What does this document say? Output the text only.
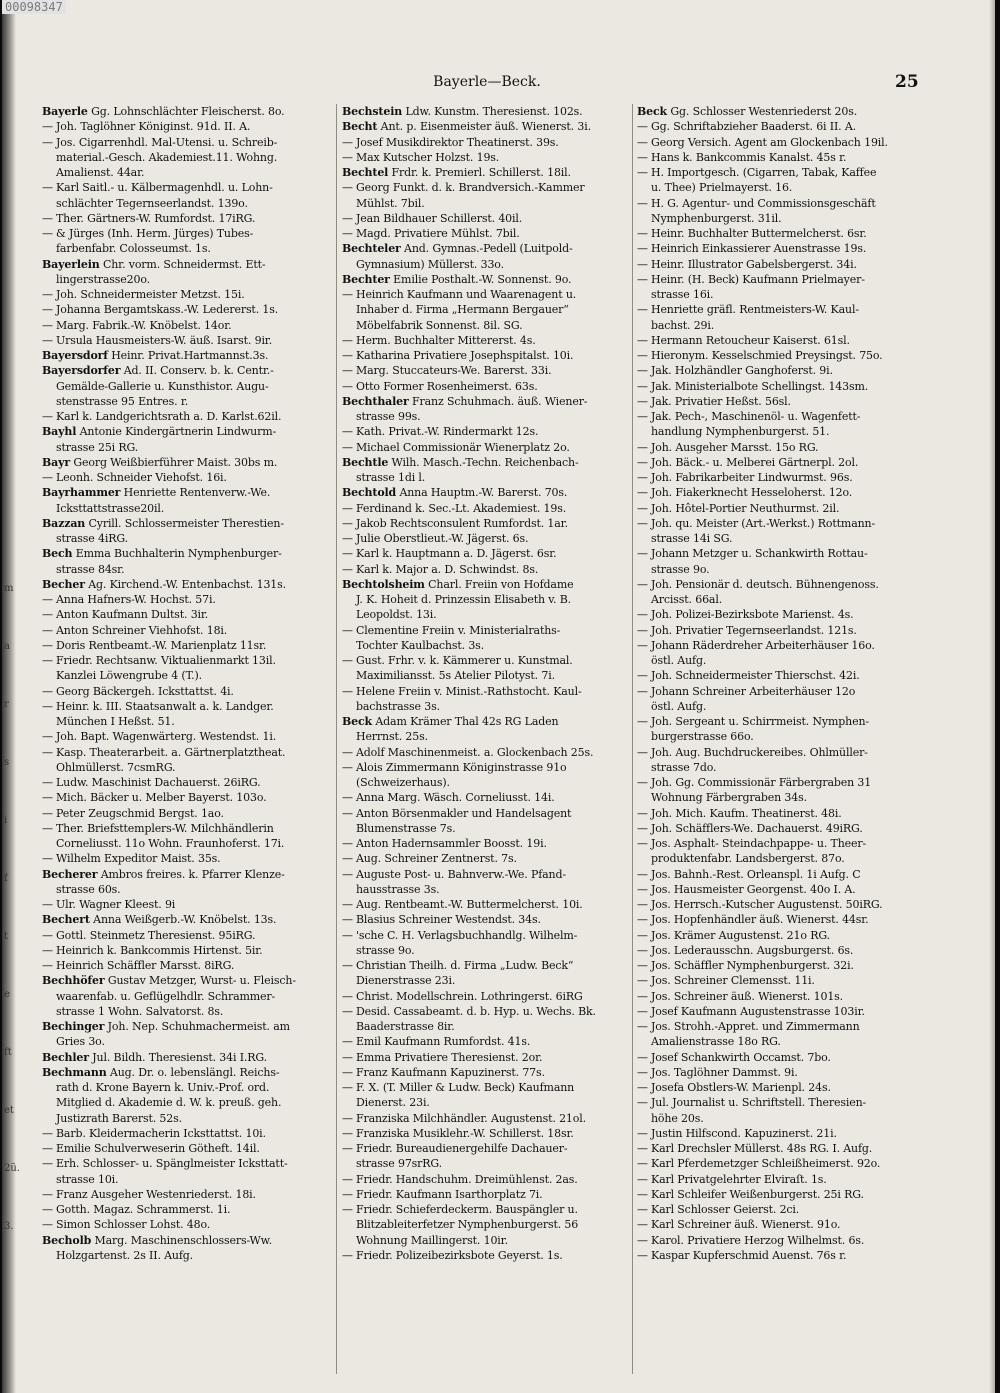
00098347
m
a
r
s
i
f
t
e
ft
et
2ũ.
3.
Bayerle—Beck.	25
Bayerle Gg. Lohnschlächter Fleischerst. 8o.
— Joh. Taglöhner Königinst. 91d. II. A.
— Jos. Cigarrenhdl. Mal-Utensi. u. Schreib-
material.-Gesch. Akademiest.11. Wohng.
Amalienst. 44ar.
— Karl Saitl.- u. Kälbermagenhdl. u. Lohn-
schlächter Tegernseerlandst. 139o.
— Ther. Gärtners-W. Rumfordst. 17iRG.
— & Jürges (Inh. Herm. Jürges) Tubes-
farbenfabr. Colosseumst. 1s.
Bayerlein Chr. vorm. Schneidermst. Ett-
lingerstrasse20o.
— Joh. Schneidermeister Metzst. 15i.
— Johanna Bergamtskass.-W. Ledererst. 1s.
— Marg. Fabrik.-W. Knöbelst. 14or.
— Ursula Hausmeisters-W. äuß. Isarst. 9ir.
Bayersdorf Heinr. Privat.Hartmannst.3s.
Bayersdorfer Ad. II. Conserv. b. k. Centr.-
Gemälde-Gallerie u. Kunsthistor. Augu-
stenstrasse 95 Entres. r.
— Karl k. Landgerichtsrath a. D. Karlst.62il.
Bayhl Antonie Kindergärtnerin Lindwurm-
strasse 25i RG.
Bayr Georg Weißbierführer Maist. 30bs m.
— Leonh. Schneider Viehofst. 16i.
Bayrhammer Henriette Rentenverw.-We.
Icksttattstrasse20il.
Bazzan Cyrill. Schlossermeister Therestien-
strasse 4iRG.
Bech Emma Buchhalterin Nymphenburger-
strasse 84sr.
Becher Ag. Kirchend.-W. Entenbachst. 131s.
— Anna Hafners-W. Hochst. 57i.
— Anton Kaufmann Dultst. 3ir.
— Anton Schreiner Viehhofst. 18i.
— Doris Rentbeamt.-W. Marienplatz 11sr.
— Friedr. Rechtsanw. Viktualienmarkt 13il.
Kanzlei Löwengrube 4 (T.).
— Georg Bäckergeh. Icksttattst. 4i.
— Heinr. k. III. Staatsanwalt a. k. Landger.
München I Heßst. 51.
— Joh. Bapt. Wagenwärterg. Westendst. 1i.
— Kasp. Theaterarbeit. a. Gärtnerplatztheat.
Ohlmüllerst. 7csmRG.
— Ludw. Maschinist Dachauerst. 26iRG.
— Mich. Bäcker u. Melber Bayerst. 103o.
— Peter Zeugschmid Bergst. 1ao.
— Ther. Briefsttemplers-W. Milchhändlerin
Corneliusst. 11o Wohn. Fraunhoferst. 17i.
— Wilhelm Expeditor Maist. 35s.
Becherer Ambros freires. k. Pfarrer Klenze-
strasse 60s.
— Ulr. Wagner Kleest. 9i
Bechert Anna Weißgerb.-W. Knöbelst. 13s.
— Gottl. Steinmetz Theresienst. 95iRG.
— Heinrich k. Bankcommis Hirtenst. 5ir.
— Heinrich Schäffler Marsst. 8iRG.
Bechhöfer Gustav Metzger, Wurst- u. Fleisch-
waarenfab. u. Geflügelhdlr. Schrammer-
strasse 1 Wohn. Salvatorst. 8s.
Bechinger Joh. Nep. Schuhmachermeist. am
Gries 3o.
Bechler Jul. Bildh. Theresienst. 34i I.RG.
Bechmann Aug. Dr. o. lebenslängl. Reichs-
rath d. Krone Bayern k. Univ.-Prof. ord.
Mitglied d. Akademie d. W. k. preuß. geh.
Justizrath Barerst. 52s.
— Barb. Kleidermacherin Icksttattst. 10i.
— Emilie Schulverweserin Götheft. 14il.
— Erh. Schlosser- u. Spänglmeister Icksttatt-
strasse 10i.
— Franz Ausgeher Westenriederst. 18i.
— Gotth. Magaz. Schrammerst. 1i.
— Simon Schlosser Lohst. 48o.
Becholb Marg. Maschinenschlossers-Ww.
Holzgartenst. 2s II. Aufg.
Bechstein Ldw. Kunstm. Theresienst. 102s.
Becht Ant. p. Eisenmeister äuß. Wienerst. 3i.
— Josef Musikdirektor Theatinerst. 39s.
— Max Kutscher Holzst. 19s.
Bechtel Frdr. k. Premierl. Schillerst. 18il.
— Georg Funkt. d. k. Brandversich.-Kammer
Mühlst. 7bil.
— Jean Bildhauer Schillerst. 40il.
— Magd. Privatiere Mühlst. 7bil.
Bechteler And. Gymnas.-Pedell (Luitpold-
Gymnasium) Müllerst. 33o.
Bechter Emilie Posthalt.-W. Sonnenst. 9o.
— Heinrich Kaufmann und Waarenagent u.
Inhaber d. Firma „Hermann Bergauer“
Möbelfabrik Sonnenst. 8il. SG.
— Herm. Buchhalter Mittererst. 4s.
— Katharina Privatiere Josephspitalst. 10i.
— Marg. Stuccateurs-We. Barerst. 33i.
— Otto Former Rosenheimerst. 63s.
Bechthaler Franz Schuhmach. äuß. Wiener-
strasse 99s.
— Kath. Privat.-W. Rindermarkt 12s.
— Michael Commissionär Wienerplatz 2o.
Bechtle Wilh. Masch.-Techn. Reichenbach-
strasse 1di l.
Bechtold Anna Hauptm.-W. Barerst. 70s.
— Ferdinand k. Sec.-Lt. Akademiest. 19s.
— Jakob Rechtsconsulent Rumfordst. 1ar.
— Julie Oberstlieut.-W. Jägerst. 6s.
— Karl k. Hauptmann a. D. Jägerst. 6sr.
— Karl k. Major a. D. Schwindst. 8s.
Bechtolsheim Charl. Freiin von Hofdame
J. K. Hoheit d. Prinzessin Elisabeth v. B.
Leopoldst. 13i.
— Clementine Freiin v. Ministerialraths-
Tochter Kaulbachst. 3s.
— Gust. Frhr. v. k. Kämmerer u. Kunstmal.
Maximiliansst. 5s Atelier Pilotyst. 7i.
— Helene Freiin v. Minist.-Rathstocht. Kaul-
bachstrasse 3s.
Beck Adam Krämer Thal 42s RG Laden
Herrnst. 25s.
— Adolf Maschinenmeist. a. Glockenbach 25s.
— Alois Zimmermann Königinstrasse 91o
(Schweizerhaus).
— Anna Marg. Wäsch. Corneliusst. 14i.
— Anton Börsenmakler und Handelsagent
Blumenstrasse 7s.
— Anton Hadernsammler Boosst. 19i.
— Aug. Schreiner Zentnerst. 7s.
— Auguste Post- u. Bahnverw.-We. Pfand-
hausstrasse 3s.
— Aug. Rentbeamt.-W. Buttermelcherst. 10i.
— Blasius Schreiner Westendst. 34s.
— 'sche C. H. Verlagsbuchhandlg. Wilhelm-
strasse 9o.
— Christian Theilh. d. Firma „Ludw. Beck“
Dienerstrasse 23i.
— Christ. Modellschrein. Lothringerst. 6iRG
— Desid. Cassabeamt. d. b. Hyp. u. Wechs. Bk.
Baaderstrasse 8ir.
— Emil Kaufmann Rumfordst. 41s.
— Emma Privatiere Theresienst. 2or.
— Franz Kaufmann Kapuzinerst. 77s.
— F. X. (T. Miller & Ludw. Beck) Kaufmann
Dienerst. 23i.
— Franziska Milchhändler. Augustenst. 21ol.
— Franziska Musiklehr.-W. Schillerst. 18sr.
— Friedr. Bureaudienergehilfe Dachauer-
strasse 97srRG.
— Friedr. Handschuhm. Dreimühlenst. 2as.
— Friedr. Kaufmann Isarthorplatz 7i.
— Friedr. Schieferdeckerm. Bauspängler u.
Blitzableiterfetzer Nymphenburgerst. 56
Wohnung Maillingerst. 10ir.
— Friedr. Polizeibezirksbote Geyerst. 1s.
Beck Gg. Schlosser Westenriederst 20s.
— Gg. Schriftabzieher Baaderst. 6i II. A.
— Georg Versich. Agent am Glockenbach 19il.
— Hans k. Bankcommis Kanalst. 45s r.
— H. Importgesch. (Cigarren, Tabak, Kaffee
u. Thee) Prielmayerst. 16.
— H. G. Agentur- und Commissionsgeschäft
Nymphenburgerst. 31il.
— Heinr. Buchhalter Buttermelcherst. 6sr.
— Heinrich Einkassierer Auenstrasse 19s.
— Heinr. Illustrator Gabelsbergerst. 34i.
— Heinr. (H. Beck) Kaufmann Prielmayer-
strasse 16i.
— Henriette gräfl. Rentmeisters-W. Kaul-
bachst. 29i.
— Hermann Retoucheur Kaiserst. 61sl.
— Hieronym. Kesselschmied Preysingst. 75o.
— Jak. Holzhändler Ganghoferst. 9i.
— Jak. Ministerialbote Schellingst. 143sm.
— Jak. Privatier Heßst. 56sl.
— Jak. Pech-, Maschinenöl- u. Wagenfett-
handlung Nymphenburgerst. 51.
— Joh. Ausgeher Marsst. 15o RG.
— Joh. Bäck.- u. Melberei Gärtnerpl. 2ol.
— Joh. Fabrikarbeiter Lindwurmst. 96s.
— Joh. Fiakerknecht Hesseloherst. 12o.
— Joh. Hôtel-Portier Neuthurmst. 2il.
— Joh. qu. Meister (Art.-Werkst.) Rottmann-
strasse 14i SG.
— Johann Metzger u. Schankwirth Rottau-
strasse 9o.
— Joh. Pensionär d. deutsch. Bühnengenoss.
Arcisst. 66al.
— Joh. Polizei-Bezirksbote Marienst. 4s.
— Joh. Privatier Tegernseerlandst. 121s.
— Johann Räderdreher Arbeiterhäuser 16o.
östl. Aufg.
— Joh. Schneidermeister Thierschst. 42i.
— Johann Schreiner Arbeiterhäuser 12o
östl. Aufg.
— Joh. Sergeant u. Schirrmeist. Nymphen-
burgerstrasse 66o.
— Joh. Aug. Buchdruckereibes. Ohlmüller-
strasse 7do.
— Joh. Gg. Commissionär Färbergraben 31
Wohnung Färbergraben 34s.
— Joh. Mich. Kaufm. Theatinerst. 48i.
— Joh. Schäfflers-We. Dachauerst. 49iRG.
— Jos. Asphalt- Steindachpappe- u. Theer-
produktenfabr. Landsbergerst. 87o.
— Jos. Bahnh.-Rest. Orleanspl. 1i Aufg. C
— Jos. Hausmeister Georgenst. 40o I. A.
— Jos. Herrsch.-Kutscher Augustenst. 50iRG.
— Jos. Hopfenhändler äuß. Wienerst. 44sr.
— Jos. Krämer Augustenst. 21o RG.
— Jos. Lederausschn. Augsburgerst. 6s.
— Jos. Schäffler Nymphenburgerst. 32i.
— Jos. Schreiner Clemensst. 11i.
— Jos. Schreiner äuß. Wienerst. 101s.
— Josef Kaufmann Augustenstrasse 103ir.
— Jos. Strohh.-Appret. und Zimmermann
Amalienstrasse 18o RG.
— Josef Schankwirth Occamst. 7bo.
— Jos. Taglöhner Dammst. 9i.
— Josefa Obstlers-W. Marienpl. 24s.
— Jul. Journalist u. Schriftstell. Theresien-
höhe 20s.
— Justin Hilfscond. Kapuzinerst. 21i.
— Karl Drechsler Müllerst. 48s RG. I. Aufg.
— Karl Pferdemetzger Schleißheimerst. 92o.
— Karl Privatgelehrter Elviraſt. 1s.
— Karl Schleifer Weißenburgerst. 25i RG.
— Karl Schlosser Geierst. 2ci.
— Karl Schreiner äuß. Wienerst. 91o.
— Karol. Privatiere Herzog Wilhelmst. 6s.
— Kaspar Kupferschmid Auenst. 76s r.
